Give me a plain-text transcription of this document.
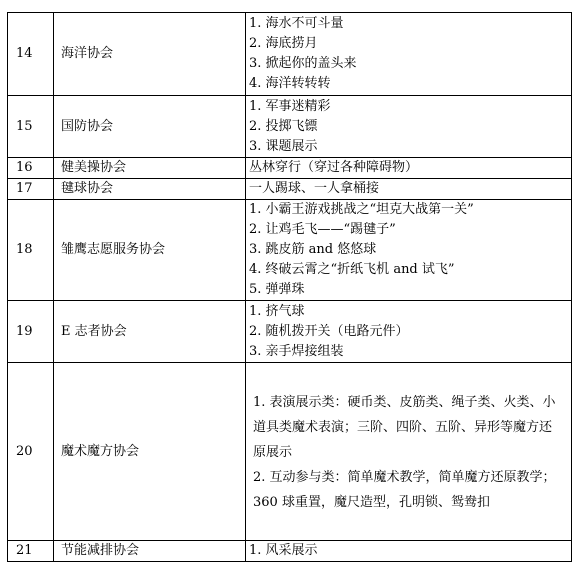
14	海洋协会	1. 海水不可斗量
2. 海底捞月
3. 掀起你的盖头来
4. 海洋转转转

15	国防协会	1. 军事迷精彩
2. 投掷飞镖
3. 课题展示

16	健美操协会	丛林穿行（穿过各种障碍物）

17	毽球协会	一人踢球、一人拿桶接

18	雏鹰志愿服务协会	1. 小霸王游戏挑战之“坦克大战第一关”
2. 让鸡毛飞——“踢毽子”
3. 跳皮筋 and 悠悠球
4. 终破云霄之“折纸飞机 and 试飞”
5. 弹弹珠

19	E 志者协会	1. 挤气球
2. 随机拨开关（电路元件）
3. 亲手焊接组装

20	魔术魔方协会	1. 表演展示类：硬币类、皮筋类、绳子类、火类、小道具类魔术表演；三阶、四阶、五阶、异形等魔方还原展示

2. 互动参与类：简单魔术教学，简单魔方还原教学；360 球重置，魔尺造型，孔明锁、鸳鸯扣

21	节能减排协会	1. 风采展示
